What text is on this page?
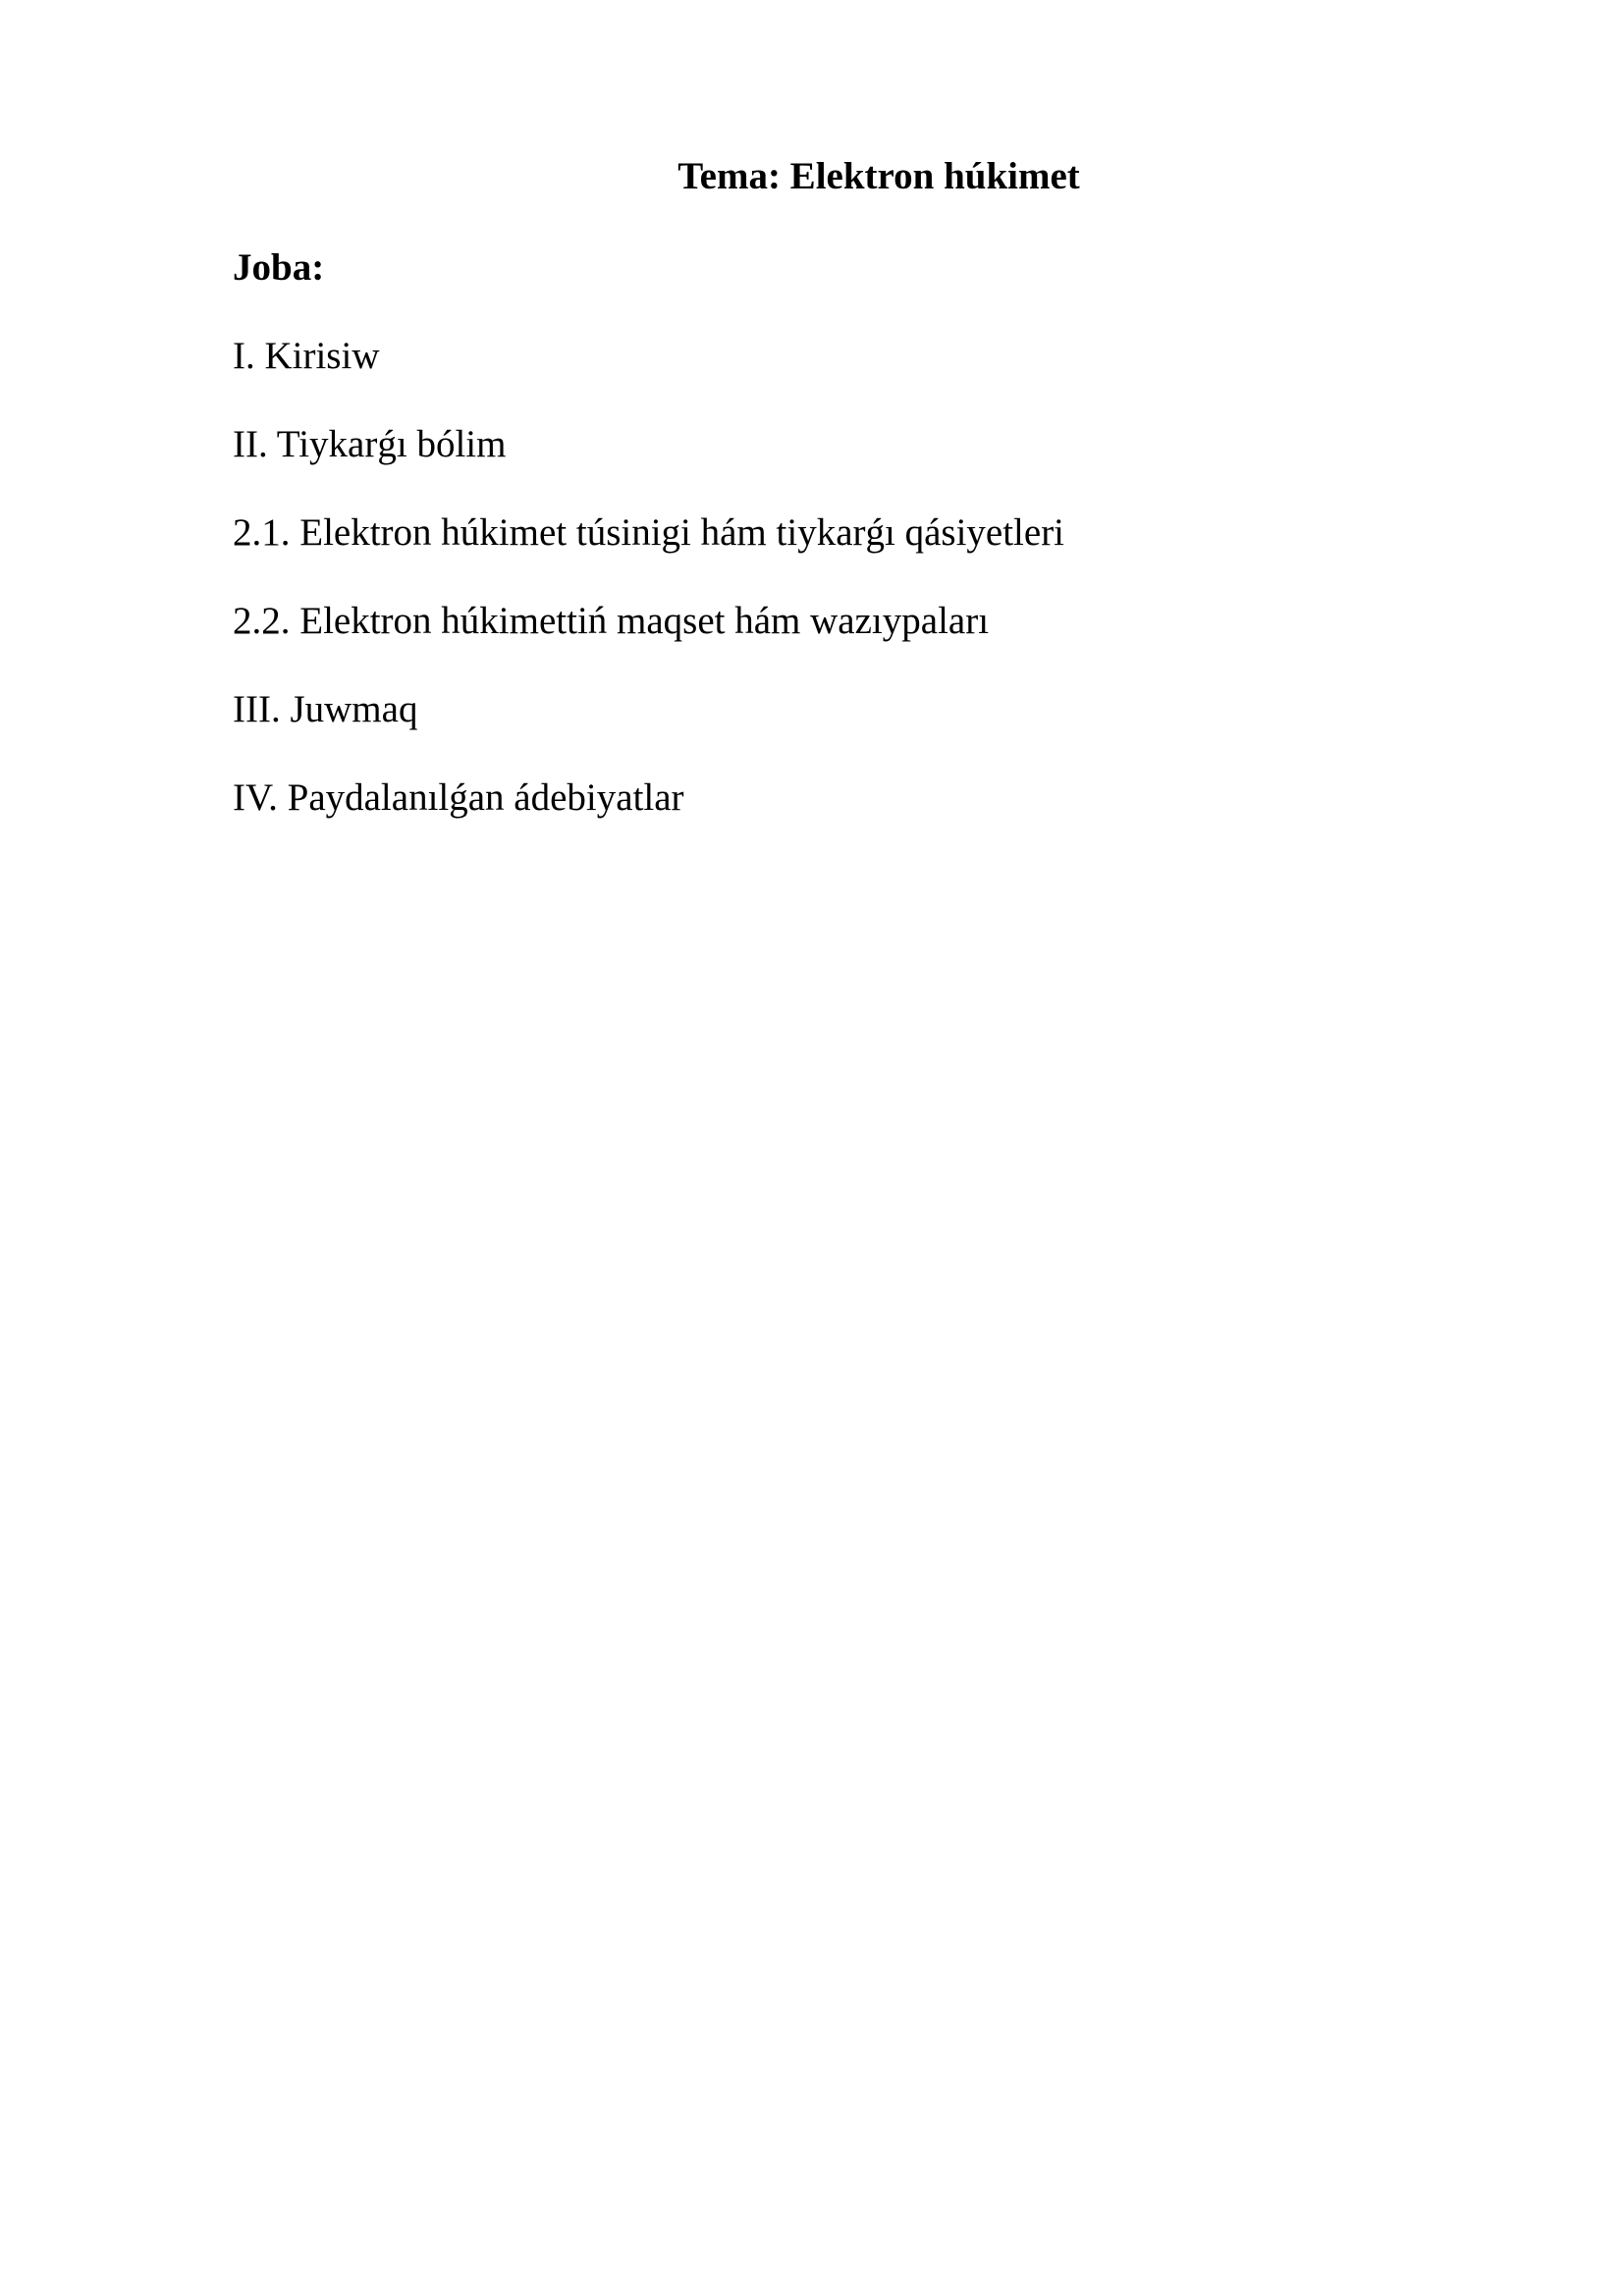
Tema: Elektron húkimet
Joba:
I. Kirisiw
II. Tiykarǵı bólim
2.1. Elektron húkimet túsinigi hám tiykarǵı qásiyetleri
2.2. Elektron húkimettiń maqset hám wazıypaları
III. Juwmaq
IV. Paydalanılǵan ádebiyatlar
